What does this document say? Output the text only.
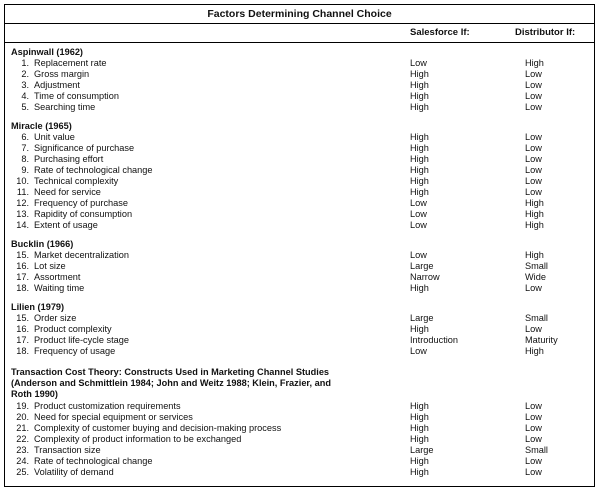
Factors Determining Channel Choice
Salesforce If:	Distributor If:
Aspinwall (1962)
1. Replacement rate	Low	High
2. Gross margin	High	Low
3. Adjustment	High	Low
4. Time of consumption	High	Low
5. Searching time	High	Low
Miracle (1965)
6. Unit value	High	Low
7. Significance of purchase	High	Low
8. Purchasing effort	High	Low
9. Rate of technological change	High	Low
10. Technical complexity	High	Low
11. Need for service	High	Low
12. Frequency of purchase	Low	High
13. Rapidity of consumption	Low	High
14. Extent of usage	Low	High
Bucklin (1966)
15. Market decentralization	Low	High
16. Lot size	Large	Small
17. Assortment	Narrow	Wide
18. Waiting time	High	Low
Lilien (1979)
15. Order size	Large	Small
16. Product complexity	High	Low
17. Product life-cycle stage	Introduction	Maturity
18. Frequency of usage	Low	High
Transaction Cost Theory: Constructs Used in Marketing Channel Studies
(Anderson and Schmittlein 1984; John and Weitz 1988; Klein, Frazier, and
Roth 1990)
19. Product customization requirements	High	Low
20. Need for special equipment or services	High	Low
21. Complexity of customer buying and decision-making process	High	Low
22. Complexity of product information to be exchanged	High	Low
23. Transaction size	Large	Small
24. Rate of technological change	High	Low
25. Volatility of demand	High	Low
